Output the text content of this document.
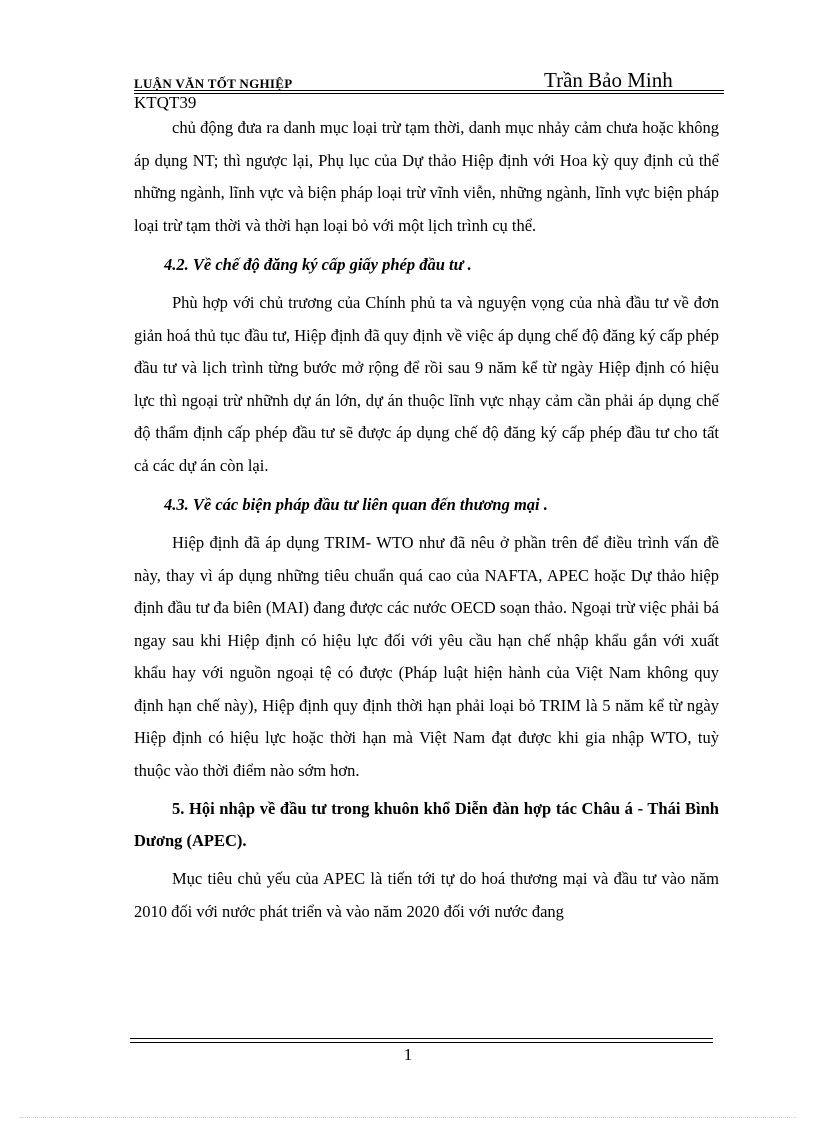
LUẬN VĂN TỐT NGHIỆP	Trần Bảo Minh
KTQT39

chủ động đưa ra danh mục loại trừ tạm thời, danh mục nhảy cảm chưa hoặc không áp dụng NT; thì ngược lại, Phụ lục của Dự thảo Hiệp định với Hoa kỳ quy định củ thể những ngành, lĩnh vực và biện pháp loại trừ vĩnh viễn, những ngành, lĩnh vực biện pháp loại trừ tạm thời và thời hạn loại bỏ với một lịch trình cụ thể.

4.2. Về chế độ đăng ký cấp giấy phép đầu tư .

Phù hợp với chủ trương của Chính phủ ta và nguyện vọng của nhà đầu tư về đơn giản hoá thủ tục đầu tư, Hiệp định đã quy định về việc áp dụng chế độ đăng ký cấp phép đầu tư và lịch trình từng bước mở rộng để rồi sau 9 năm kể từ ngày Hiệp định có hiệu lực thì ngoại trừ nhữnh dự án lớn, dự án thuộc lĩnh vực nhạy cảm cần phải áp dụng chế độ thẩm định cấp phép đầu tư sẽ được áp dụng chế độ đăng ký cấp phép đầu tư cho tất cả các dự án còn lại.

4.3. Về các biện pháp đầu tư liên quan đến thương mại .

Hiệp định đã áp dụng TRIM- WTO như đã nêu ở phần trên để điều trình vấn đề này, thay vì áp dụng những tiêu chuẩn quá cao của NAFTA, APEC hoặc Dự thảo hiệp định đầu tư đa biên (MAI) đang được các nước OECD soạn thảo. Ngoại trừ việc phải bá ngay sau khi Hiệp định có hiệu lực đối với yêu cầu hạn chế nhập khẩu gắn với xuất khẩu hay với nguồn ngoại tệ có được (Pháp luật hiện hành của Việt Nam không quy định hạn chế này), Hiệp định quy định thời hạn phải loại bỏ TRIM là 5 năm kể từ ngày Hiệp định có hiệu lực hoặc thời hạn mà Việt Nam đạt được khi gia nhập WTO, tuỳ thuộc vào thời điểm nào sớm hơn.

5. Hội nhập về đầu tư trong khuôn khổ Diễn đàn hợp tác Châu á - Thái Bình Dương (APEC).

Mục tiêu chủ yếu của APEC là tiến tới tự do hoá thương mại và đầu tư vào năm 2010 đối với nước phát triển và vào năm 2020 đối với nước đang

1
